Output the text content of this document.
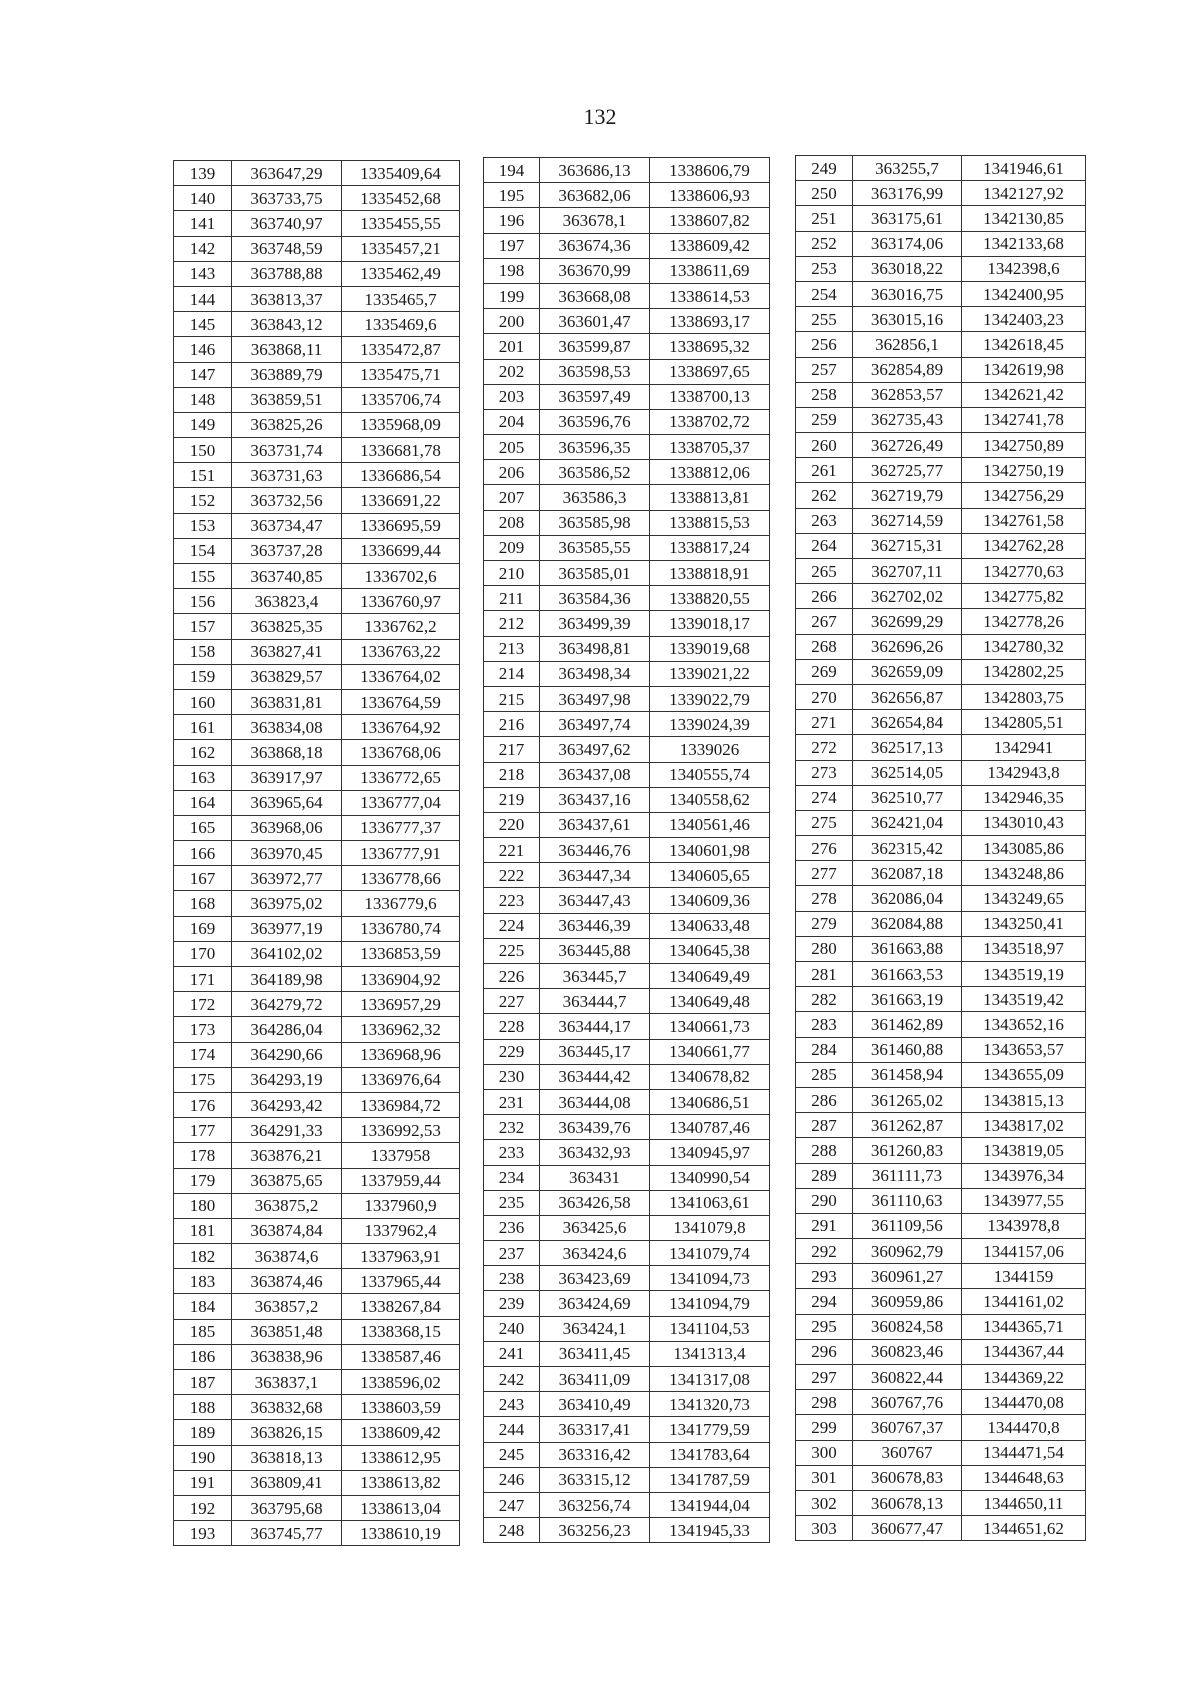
132
139	363647,29	1335409,64
140	363733,75	1335452,68
141	363740,97	1335455,55
142	363748,59	1335457,21
143	363788,88	1335462,49
144	363813,37	1335465,7
145	363843,12	1335469,6
146	363868,11	1335472,87
147	363889,79	1335475,71
148	363859,51	1335706,74
149	363825,26	1335968,09
150	363731,74	1336681,78
151	363731,63	1336686,54
152	363732,56	1336691,22
153	363734,47	1336695,59
154	363737,28	1336699,44
155	363740,85	1336702,6
156	363823,4	1336760,97
157	363825,35	1336762,2
158	363827,41	1336763,22
159	363829,57	1336764,02
160	363831,81	1336764,59
161	363834,08	1336764,92
162	363868,18	1336768,06
163	363917,97	1336772,65
164	363965,64	1336777,04
165	363968,06	1336777,37
166	363970,45	1336777,91
167	363972,77	1336778,66
168	363975,02	1336779,6
169	363977,19	1336780,74
170	364102,02	1336853,59
171	364189,98	1336904,92
172	364279,72	1336957,29
173	364286,04	1336962,32
174	364290,66	1336968,96
175	364293,19	1336976,64
176	364293,42	1336984,72
177	364291,33	1336992,53
178	363876,21	1337958
179	363875,65	1337959,44
180	363875,2	1337960,9
181	363874,84	1337962,4
182	363874,6	1337963,91
183	363874,46	1337965,44
184	363857,2	1338267,84
185	363851,48	1338368,15
186	363838,96	1338587,46
187	363837,1	1338596,02
188	363832,68	1338603,59
189	363826,15	1338609,42
190	363818,13	1338612,95
191	363809,41	1338613,82
192	363795,68	1338613,04
193	363745,77	1338610,19
194	363686,13	1338606,79
195	363682,06	1338606,93
196	363678,1	1338607,82
197	363674,36	1338609,42
198	363670,99	1338611,69
199	363668,08	1338614,53
200	363601,47	1338693,17
201	363599,87	1338695,32
202	363598,53	1338697,65
203	363597,49	1338700,13
204	363596,76	1338702,72
205	363596,35	1338705,37
206	363586,52	1338812,06
207	363586,3	1338813,81
208	363585,98	1338815,53
209	363585,55	1338817,24
210	363585,01	1338818,91
211	363584,36	1338820,55
212	363499,39	1339018,17
213	363498,81	1339019,68
214	363498,34	1339021,22
215	363497,98	1339022,79
216	363497,74	1339024,39
217	363497,62	1339026
218	363437,08	1340555,74
219	363437,16	1340558,62
220	363437,61	1340561,46
221	363446,76	1340601,98
222	363447,34	1340605,65
223	363447,43	1340609,36
224	363446,39	1340633,48
225	363445,88	1340645,38
226	363445,7	1340649,49
227	363444,7	1340649,48
228	363444,17	1340661,73
229	363445,17	1340661,77
230	363444,42	1340678,82
231	363444,08	1340686,51
232	363439,76	1340787,46
233	363432,93	1340945,97
234	363431	1340990,54
235	363426,58	1341063,61
236	363425,6	1341079,8
237	363424,6	1341079,74
238	363423,69	1341094,73
239	363424,69	1341094,79
240	363424,1	1341104,53
241	363411,45	1341313,4
242	363411,09	1341317,08
243	363410,49	1341320,73
244	363317,41	1341779,59
245	363316,42	1341783,64
246	363315,12	1341787,59
247	363256,74	1341944,04
248	363256,23	1341945,33
249	363255,7	1341946,61
250	363176,99	1342127,92
251	363175,61	1342130,85
252	363174,06	1342133,68
253	363018,22	1342398,6
254	363016,75	1342400,95
255	363015,16	1342403,23
256	362856,1	1342618,45
257	362854,89	1342619,98
258	362853,57	1342621,42
259	362735,43	1342741,78
260	362726,49	1342750,89
261	362725,77	1342750,19
262	362719,79	1342756,29
263	362714,59	1342761,58
264	362715,31	1342762,28
265	362707,11	1342770,63
266	362702,02	1342775,82
267	362699,29	1342778,26
268	362696,26	1342780,32
269	362659,09	1342802,25
270	362656,87	1342803,75
271	362654,84	1342805,51
272	362517,13	1342941
273	362514,05	1342943,8
274	362510,77	1342946,35
275	362421,04	1343010,43
276	362315,42	1343085,86
277	362087,18	1343248,86
278	362086,04	1343249,65
279	362084,88	1343250,41
280	361663,88	1343518,97
281	361663,53	1343519,19
282	361663,19	1343519,42
283	361462,89	1343652,16
284	361460,88	1343653,57
285	361458,94	1343655,09
286	361265,02	1343815,13
287	361262,87	1343817,02
288	361260,83	1343819,05
289	361111,73	1343976,34
290	361110,63	1343977,55
291	361109,56	1343978,8
292	360962,79	1344157,06
293	360961,27	1344159
294	360959,86	1344161,02
295	360824,58	1344365,71
296	360823,46	1344367,44
297	360822,44	1344369,22
298	360767,76	1344470,08
299	360767,37	1344470,8
300	360767	1344471,54
301	360678,83	1344648,63
302	360678,13	1344650,11
303	360677,47	1344651,62
